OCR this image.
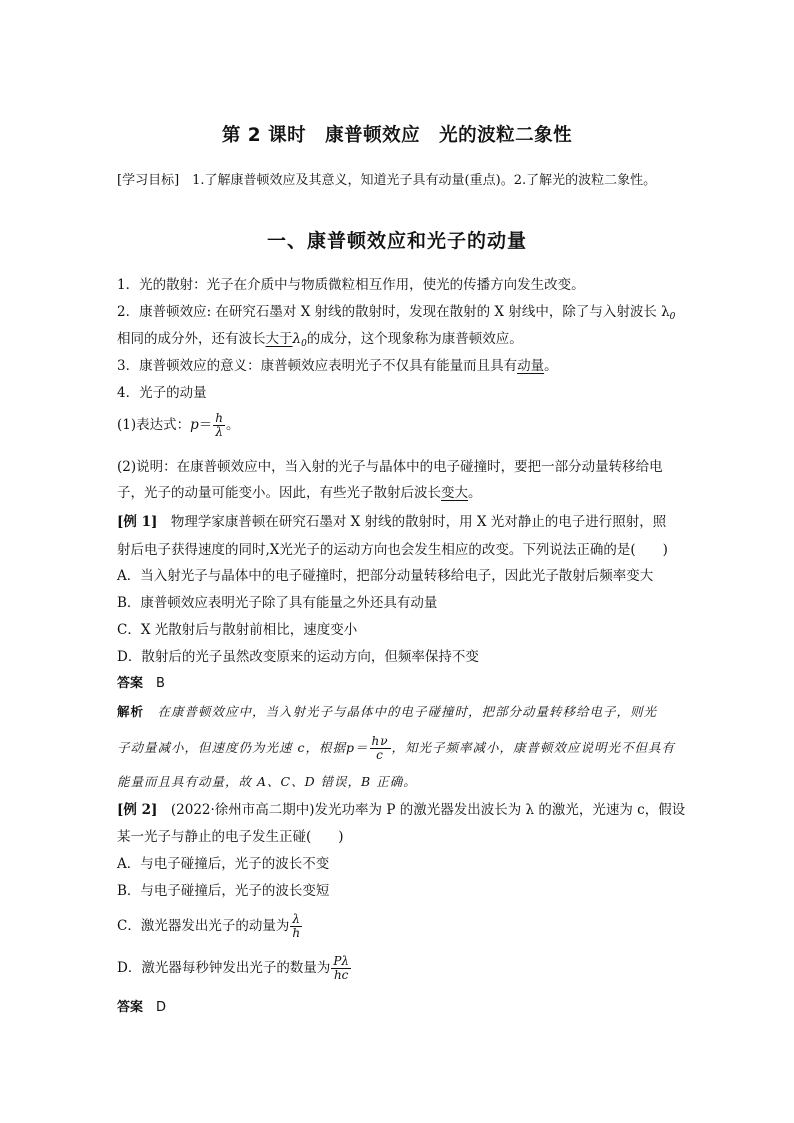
第 2 课时　康普顿效应　光的波粒二象性
[学习目标]　1.了解康普顿效应及其意义，知道光子具有动量(重点)。2.了解光的波粒二象性。
一、康普顿效应和光子的动量
1．光的散射：光子在介质中与物质微粒相互作用，使光的传播方向发生改变。
2．康普顿效应: 在研究石墨对 X 射线的散射时，发现在散射的 X 射线中，除了与入射波长 $\lambda_0$
相同的成分外，还有波长大于$\lambda_0$的成分，这个现象称为康普顿效应。
3．康普顿效应的意义：康普顿效应表明光子不仅具有能量而且具有动量。
4．光子的动量
(1)表达式：$p= \frac{h}{\lambda}$ 。
(2)说明：在康普顿效应中，当入射的光子与晶体中的电子碰撞时，要把一部分动量转移给电
子，光子的动量可能变小。因此，有些光子散射后波长变大。
[例 1]　物理学家康普顿在研究石墨对 X 射线的散射时，用 X 光对静止的电子进行照射，照
射后电子获得速度的同时,X光光子的运动方向也会发生相应的改变。下列说法正确的是(　　)
A．当入射光子与晶体中的电子碰撞时，把部分动量转移给电子，因此光子散射后频率变大
B．康普顿效应表明光子除了具有能量之外还具有动量
C．X 光散射后与散射前相比，速度变小
D．散射后的光子虽然改变原来的运动方向，但频率保持不变
答案　 B
解析　 在康普顿效应中，当入射光子与晶体中的电子碰撞时，把部分动量转移给电子，则光
子动量减小，但速度仍为光速 c，根据$p= \frac{h\nu}{c}$ ，知光子频率减小，康普顿效应说明光不但具有
能量而且具有动量，故 A、C、D 错误，B 正确。
[例 2]　(2022·徐州市高二期中)发光功率为 P 的激光器发出波长为 λ 的激光，光速为 c，假设
某一光子与静止的电子发生正碰(　　)
A．与电子碰撞后，光子的波长不变
B．与电子碰撞后，光子的波长变短
C．激光器发出光子的动量为 $\frac{\lambda}{h}$
D．激光器每秒钟发出光子的数量为 $\frac{P\lambda}{hc}$
答案　 D
